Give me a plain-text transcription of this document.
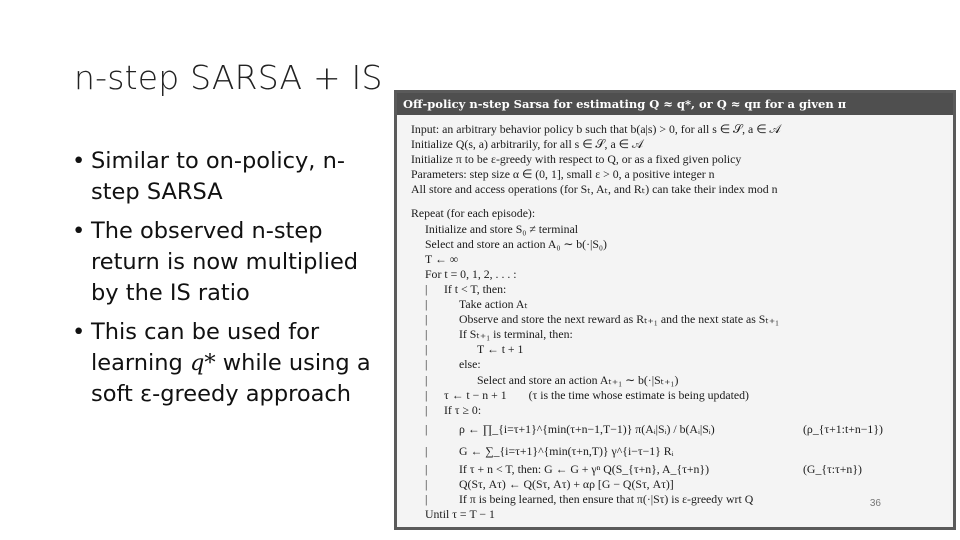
n-step SARSA + IS
• Similar to on-policy, n-step SARSA
• The observed n-step return is now multiplied by the IS ratio
• This can be used for learning q* while using a soft ε-greedy approach
Off-policy n-step Sarsa for estimating Q ≈ q*, or Q ≈ qπ for a given π
Input: an arbitrary behavior policy b such that b(a|s) > 0, for all s ∈ 𝒮, a ∈ 𝒜
Initialize Q(s, a) arbitrarily, for all s ∈ 𝒮, a ∈ 𝒜
Initialize π to be ε-greedy with respect to Q, or as a fixed given policy
Parameters: step size α ∈ (0, 1], small ε > 0, a positive integer n
All store and access operations (for Sₜ, Aₜ, and Rₜ) can take their index mod n
Repeat (for each episode):
Initialize and store S₀ ≠ terminal
Select and store an action A₀ ∼ b(·|S₀)
T ← ∞
For t = 0, 1, 2, . . . :
| If t < T, then:
|	Take action Aₜ
|	Observe and store the next reward as Rₜ₊₁ and the next state as Sₜ₊₁
|	If Sₜ₊₁ is terminal, then:
|	T ← t + 1
|	else:
|	Select and store an action Aₜ₊₁ ∼ b(·|Sₜ₊₁)
| τ ← t − n + 1 (τ is the time whose estimate is being updated)
| If τ ≥ 0:
|	ρ ← ∏_{i=τ+1}^{min(τ+n−1,T−1)} π(Aᵢ|Sᵢ) / b(Aᵢ|Sᵢ)	(ρ_{τ+1:t+n−1})
|	G ← ∑_{i=τ+1}^{min(τ+n,T)} γ^{i−τ−1} Rᵢ
|	If τ + n < T, then: G ← G + γⁿ Q(S_{τ+n}, A_{τ+n})	(G_{τ:τ+n})
|	Q(Sτ, Aτ) ← Q(Sτ, Aτ) + αρ [G − Q(Sτ, Aτ)]
|	If π is being learned, then ensure that π(·|Sτ) is ε-greedy wrt Q
Until τ = T − 1
36
